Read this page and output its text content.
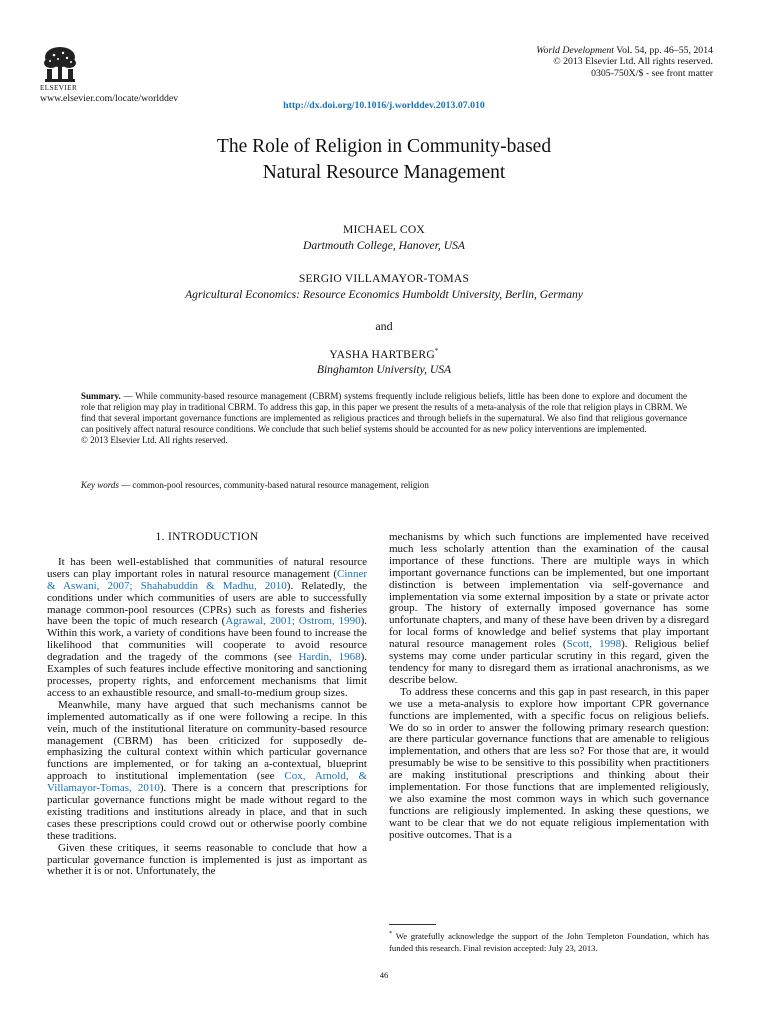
ELSEVIER
www.elsevier.com/locate/worlddev
World Development Vol. 54, pp. 46–55, 2014
© 2013 Elsevier Ltd. All rights reserved.
0305-750X/$ - see front matter
http://dx.doi.org/10.1016/j.worlddev.2013.07.010
The Role of Religion in Community-based
Natural Resource Management
MICHAEL COX
Dartmouth College, Hanover, USA
SERGIO VILLAMAYOR-TOMAS
Agricultural Economics: Resource Economics Humboldt University, Berlin, Germany
and
YASHA HARTBERG*
Binghamton University, USA
Summary. — While community-based resource management (CBRM) systems frequently include religious beliefs, little has been done to explore and document the role that religion may play in traditional CBRM. To address this gap, in this paper we present the results of a meta-analysis of the role that religion plays in CBRM. We find that several important governance functions are implemented as religious practices and through beliefs in the supernatural. We also find that religious governance can positively affect natural resource conditions. We conclude that such belief systems should be accounted for as new policy interventions are implemented.
© 2013 Elsevier Ltd. All rights reserved.
Key words — common-pool resources, community-based natural resource management, religion
1. INTRODUCTION

It has been well-established that communities of natural resource users can play important roles in natural resource management (Cinner & Aswani, 2007; Shahabuddin & Madhu, 2010). Relatedly, the conditions under which communities of users are able to successfully manage common-pool resources (CPRs) such as forests and fisheries have been the topic of much research (Agrawal, 2001; Ostrom, 1990). Within this work, a variety of conditions have been found to increase the likelihood that communities will cooperate to avoid resource degradation and the tragedy of the commons (see Hardin, 1968). Examples of such features include effective monitoring and sanctioning processes, property rights, and enforcement mechanisms that limit access to an exhaustible resource, and small-to-medium group sizes.

Meanwhile, many have argued that such mechanisms cannot be implemented automatically as if one were following a recipe. In this vein, much of the institutional literature on community-based resource management (CBRM) has been criticized for supposedly de-emphasizing the cultural context within which particular governance functions are implemented, or for taking an a-contextual, blueprint approach to institutional implementation (see Cox, Arnold, & Villamayor-Tomas, 2010). There is a concern that prescriptions for particular governance functions might be made without regard to the existing traditions and institutions already in place, and that in such cases these prescriptions could crowd out or otherwise poorly combine these traditions.

Given these critiques, it seems reasonable to conclude that how a particular governance function is implemented is just as important as whether it is or not. Unfortunately, the

mechanisms by which such functions are implemented have received much less scholarly attention than the examination of the causal importance of these functions. There are multiple ways in which important governance functions can be implemented, but one important distinction is between implementation via self-governance and implementation via some external imposition by a state or private actor group. The history of externally imposed governance has some unfortunate chapters, and many of these have been driven by a disregard for local forms of knowledge and belief systems that play important natural resource management roles (Scott, 1998). Religious belief systems may come under particular scrutiny in this regard, given the tendency for many to disregard them as irrational anachronisms, as we describe below.

To address these concerns and this gap in past research, in this paper we use a meta-analysis to explore how important CPR governance functions are implemented, with a specific focus on religious beliefs. We do so in order to answer the following primary research question: are there particular governance functions that are amenable to religious implementation, and others that are less so? For those that are, it would presumably be wise to be sensitive to this possibility when practitioners are making institutional prescriptions and thinking about their implementation. For those functions that are implemented religiously, we also examine the most common ways in which such governance functions are religiously implemented. In asking these questions, we want to be clear that we do not equate religious implementation with positive outcomes. That is a

* We gratefully acknowledge the support of the John Templeton Foundation, which has funded this research. Final revision accepted: July 23, 2013.
46
